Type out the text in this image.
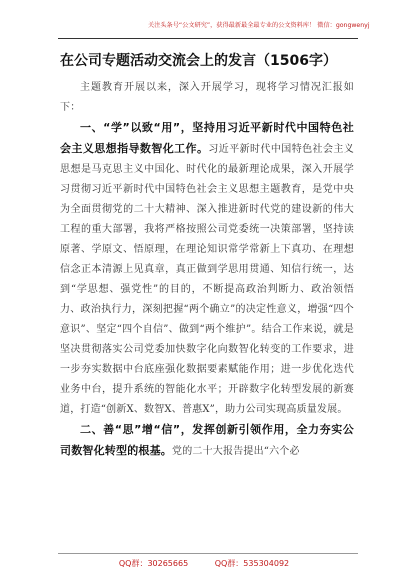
关注头条号“公文研究”，获得最新最全最专业的公文资料库！ 微信：gongwenyj
在公司专题活动交流会上的发言（1506字）

主题教育开展以来，深入开展学习，现将学习情况汇报如下：

一、“学”以致“用”，坚持用习近平新时代中国特色社会主义思想指导数智化工作。习近平新时代中国特色社会主义思想是马克思主义中国化、时代化的最新理论成果，深入开展学习贯彻习近平新时代中国特色社会主义思想主题教育，是党中央为全面贯彻党的二十大精神、深入推进新时代党的建设新的伟大工程的重大部署，我将严格按照公司党委统一决策部署，坚持读原著、学原文、悟原理，在理论知识常学常新上下真功、在理想信念正本清源上见真章，真正做到学思用贯通、知信行统一，达到“学思想、强党性”的目的，不断提高政治判断力、政治领悟力、政治执行力，深刻把握“两个确立”的决定性意义，增强“四个意识”、坚定“四个自信”、做到“两个维护”。结合工作来说，就是坚决贯彻落实公司党委加快数字化向数智化转变的工作要求，进一步夯实数据中台底座强化数据要素赋能作用；进一步优化迭代业务中台，提升系统的智能化水平；开辟数字化转型发展的新赛道，打造“创新X、数智X、普惠X”，助力公司实现高质量发展。

二、善“思”增“信”，发挥创新引领作用，全力夯实公司数智化转型的根基。党的二十大报告提出“六个必

QQ群：30265665	QQ群：535304092
